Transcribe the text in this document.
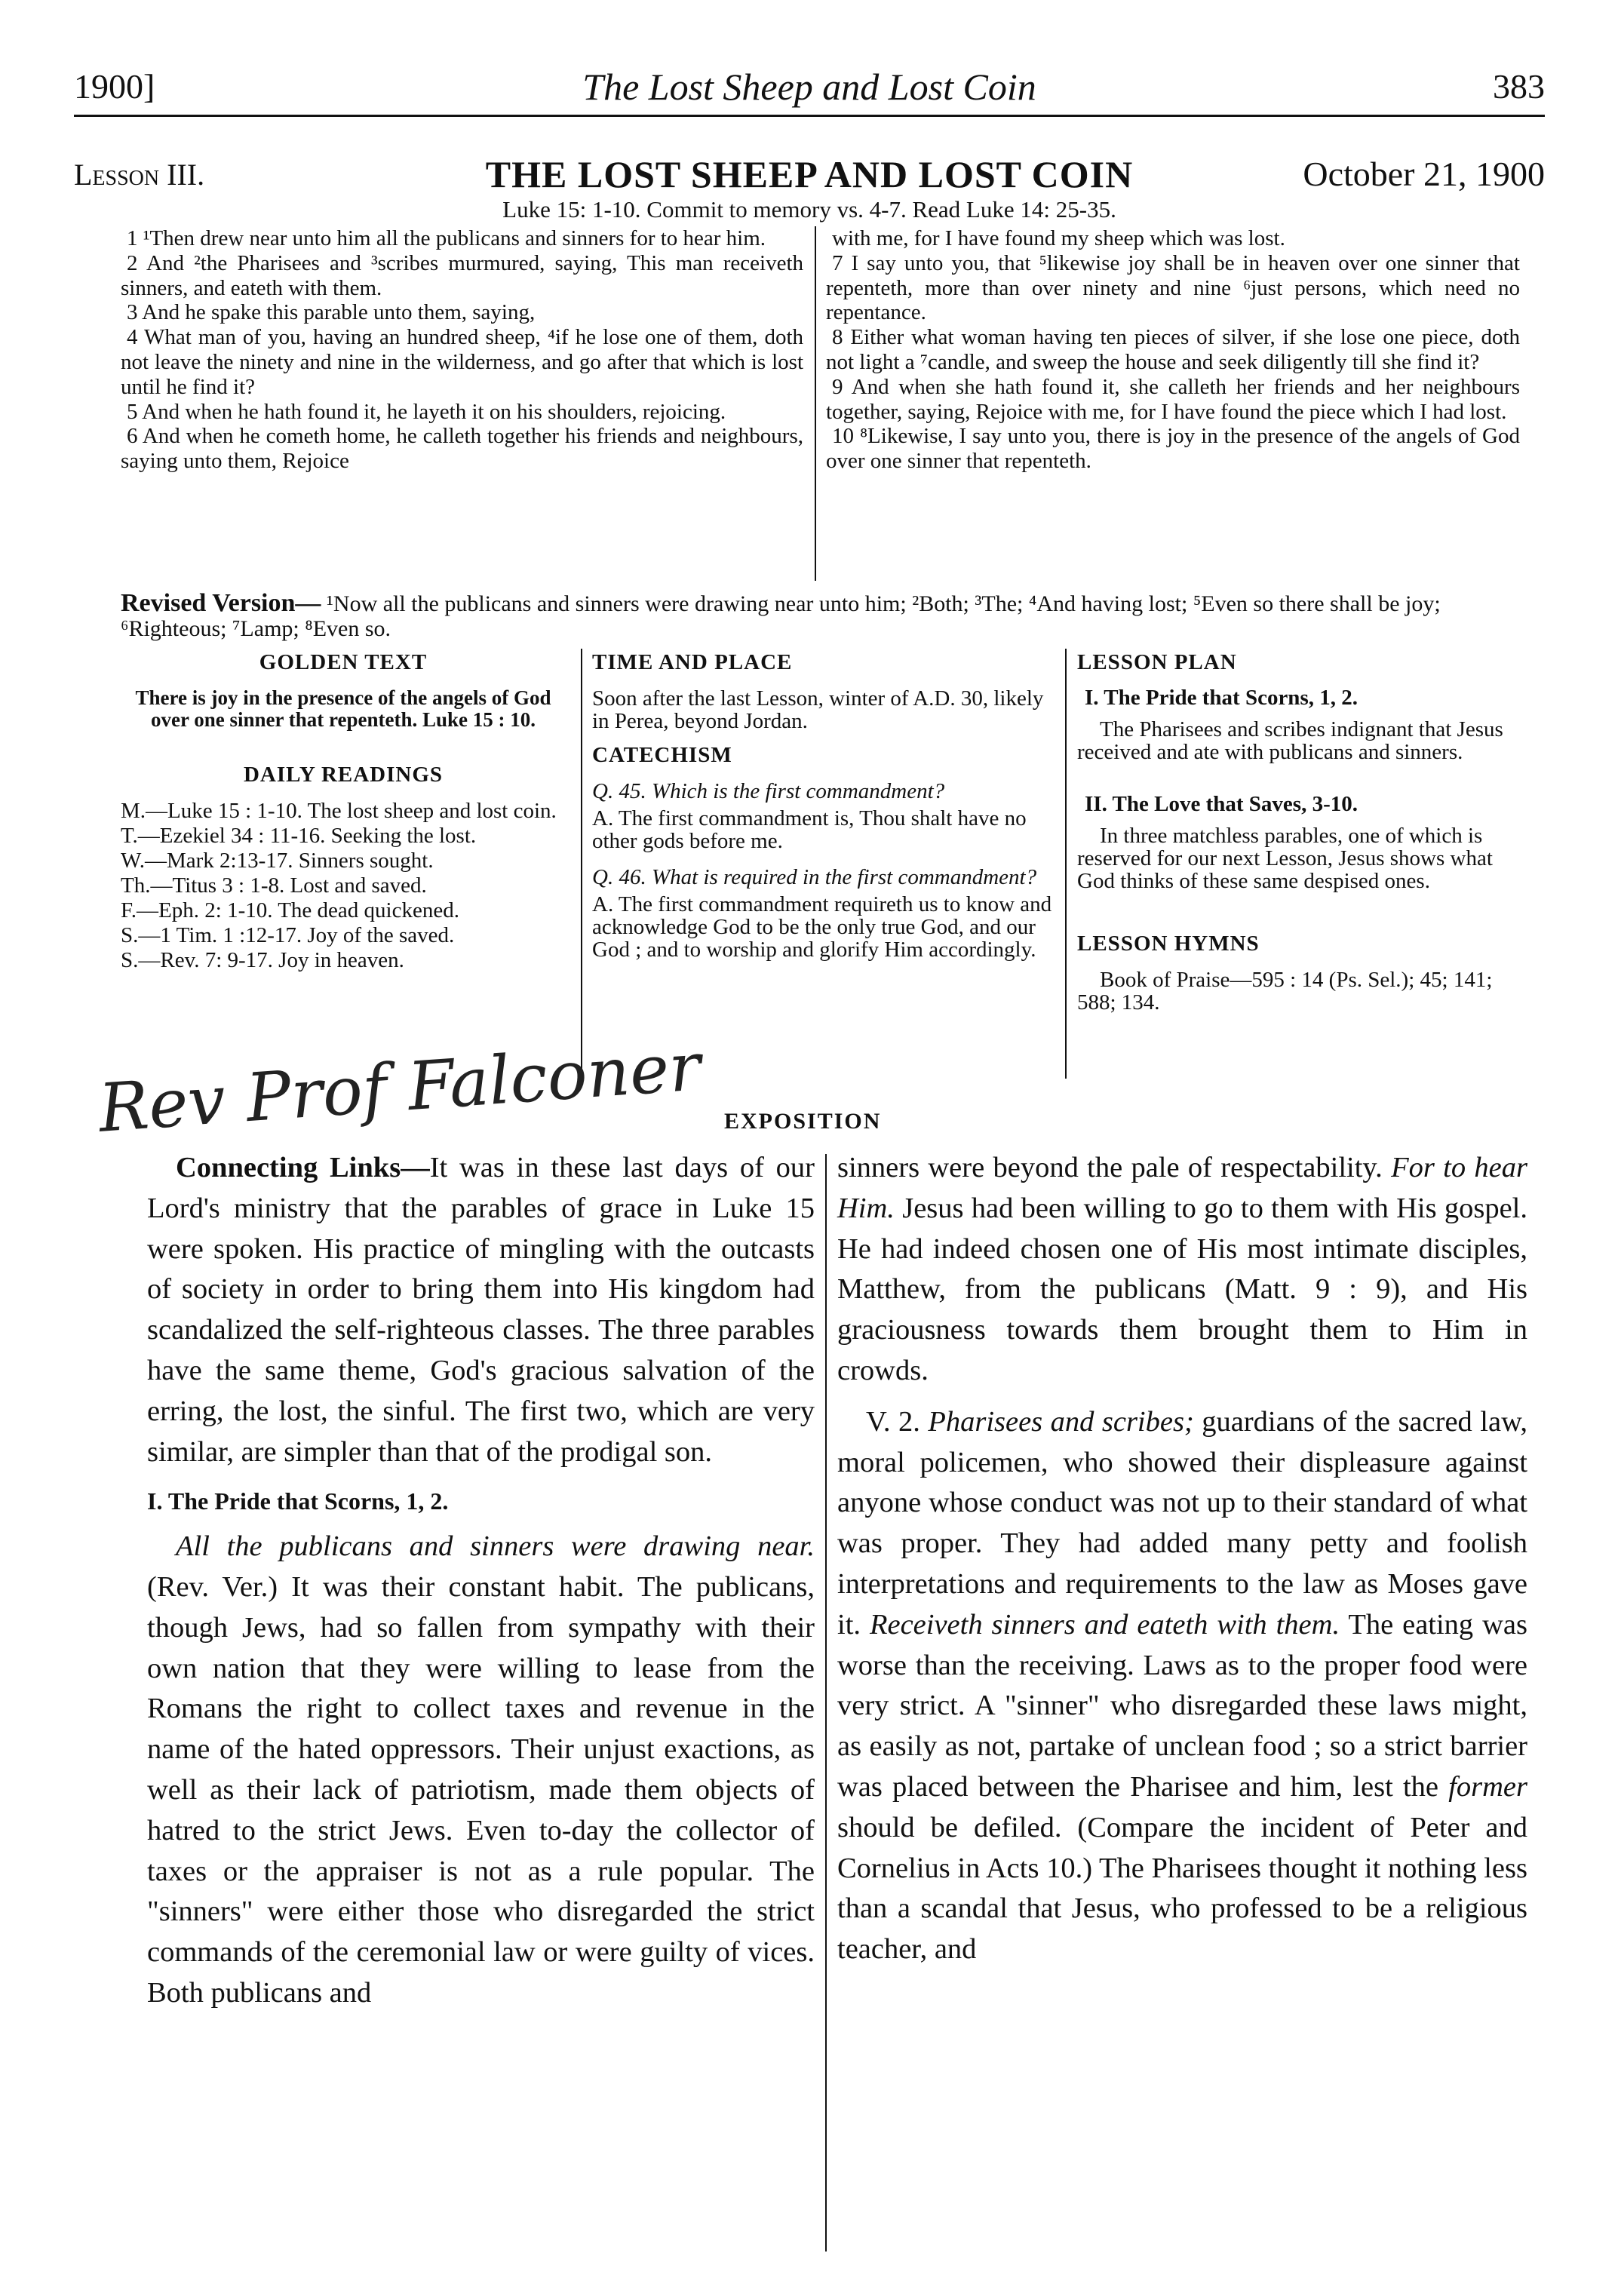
1900]	The Lost Sheep and Lost Coin	383
Lesson III.	THE LOST SHEEP AND LOST COIN	October 21, 1900
Luke 15: 1-10. Commit to memory vs. 4-7. Read Luke 14: 25-35.

1 ¹Then drew near unto him all the publicans and sinners for to hear him.

2 And ²the Pharisees and ³scribes murmured, saying, This man receiveth sinners, and eateth with them.

3 And he spake this parable unto them, saying,

4 What man of you, having an hundred sheep, ⁴if he lose one of them, doth not leave the ninety and nine in the wilderness, and go after that which is lost until he find it?

5 And when he hath found it, he layeth it on his shoulders, rejoicing.

6 And when he cometh home, he calleth together his friends and neighbours, saying unto them, Rejoice

with me, for I have found my sheep which was lost.

7 I say unto you, that ⁵likewise joy shall be in heaven over one sinner that repenteth, more than over ninety and nine ⁶just persons, which need no repentance.

8 Either what woman having ten pieces of silver, if she lose one piece, doth not light a ⁷candle, and sweep the house and seek diligently till she find it?

9 And when she hath found it, she calleth her friends and her neighbours together, saying, Rejoice with me, for I have found the piece which I had lost.

10 ⁸Likewise, I say unto you, there is joy in the presence of the angels of God over one sinner that repenteth.

Revised Version— ¹Now all the publicans and sinners were drawing near unto him; ²Both; ³The; ⁴And having lost; ⁵Even so there shall be joy; ⁶Righteous; ⁷Lamp; ⁸Even so.
GOLDEN TEXT
There is joy in the presence of the angels of God over one sinner that repenteth. Luke 15 : 10.
DAILY READINGS
M.—Luke 15 : 1-10. The lost sheep and lost coin.
T.—Ezekiel 34 : 11-16. Seeking the lost.
W.—Mark 2:13-17. Sinners sought.
Th.—Titus 3 : 1-8. Lost and saved.
F.—Eph. 2: 1-10. The dead quickened.
S.—1 Tim. 1 :12-17. Joy of the saved.
S.—Rev. 7: 9-17. Joy in heaven.
TIME AND PLACE
Soon after the last Lesson, winter of A.D. 30, likely in Perea, beyond Jordan.
CATECHISM
Q. 45. Which is the first commandment?
A. The first commandment is, Thou shalt have no other gods before me.
Q. 46. What is required in the first commandment?
A. The first commandment requireth us to know and acknowledge God to be the only true God, and our God ; and to worship and glorify Him accordingly.
LESSON PLAN
I. The Pride that Scorns, 1, 2.
The Pharisees and scribes indignant that Jesus received and ate with publicans and sinners.
II. The Love that Saves, 3-10.
In three matchless parables, one of which is reserved for our next Lesson, Jesus shows what God thinks of these same despised ones.
LESSON HYMNS
Book of Praise—595 : 14 (Ps. Sel.); 45; 141; 588; 134.
Rev Prof Falconer EXPOSITION

Connecting Links—It was in these last days of our Lord's ministry that the parables of grace in Luke 15 were spoken. His practice of mingling with the outcasts of society in order to bring them into His kingdom had scandalized the self-righteous classes. The three parables have the same theme, God's gracious salvation of the erring, the lost, the sinful. The first two, which are very similar, are simpler than that of the prodigal son.

I. The Pride that Scorns, 1, 2.

All the publicans and sinners were drawing near. (Rev. Ver.) It was their constant habit. The publicans, though Jews, had so fallen from sympathy with their own nation that they were willing to lease from the Romans the right to collect taxes and revenue in the name of the hated oppressors. Their unjust exactions, as well as their lack of patriotism, made them objects of hatred to the strict Jews. Even to-day the collector of taxes or the appraiser is not as a rule popular. The "sinners" were either those who disregarded the strict commands of the ceremonial law or were guilty of vices. Both publicans and

sinners were beyond the pale of respectability. For to hear Him. Jesus had been willing to go to them with His gospel. He had indeed chosen one of His most intimate disciples, Matthew, from the publicans (Matt. 9 : 9), and His graciousness towards them brought them to Him in crowds.

V. 2. Pharisees and scribes; guardians of the sacred law, moral policemen, who showed their displeasure against anyone whose conduct was not up to their standard of what was proper. They had added many petty and foolish interpretations and requirements to the law as Moses gave it. Receiveth sinners and eateth with them. The eating was worse than the receiving. Laws as to the proper food were very strict. A "sinner" who disregarded these laws might, as easily as not, partake of unclean food ; so a strict barrier was placed between the Pharisee and him, lest the former should be defiled. (Compare the incident of Peter and Cornelius in Acts 10.) The Pharisees thought it nothing less than a scandal that Jesus, who professed to be a religious teacher, and
